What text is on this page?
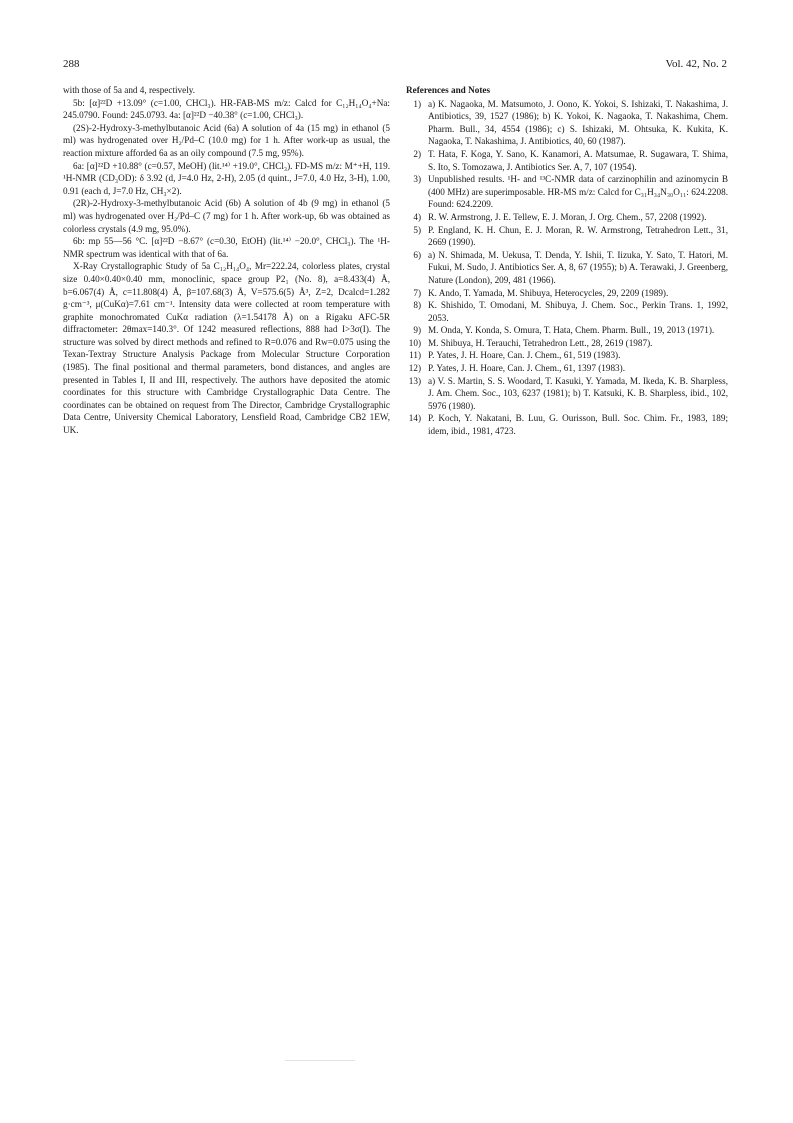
288	Vol. 42, No. 2

with those of 5a and 4, respectively.

5b: [α]²²D +13.09° (c=1.00, CHCl₃). HR-FAB-MS m/z: Calcd for C₁₂H₁₄O₄+Na: 245.0790. Found: 245.0793. 4a: [α]²²D −40.38° (c=1.00, CHCl₃).

(2S)-2-Hydroxy-3-methylbutanoic Acid (6a) A solution of 4a (15 mg) in ethanol (5 ml) was hydrogenated over H₂/Pd–C (10.0 mg) for 1 h. After work-up as usual, the reaction mixture afforded 6a as an oily compound (7.5 mg, 95%).

6a: [α]²²D +10.88° (c=0.57, MeOH) (lit.¹⁴⁾ +19.0°, CHCl₃). FD-MS m/z: M⁺+H, 119. ¹H-NMR (CD₃OD): δ 3.92 (d, J=4.0 Hz, 2-H), 2.05 (d quint., J=7.0, 4.0 Hz, 3-H), 1.00, 0.91 (each d, J=7.0 Hz, CH₃×2).

(2R)-2-Hydroxy-3-methylbutanoic Acid (6b) A solution of 4b (9 mg) in ethanol (5 ml) was hydrogenated over H₂/Pd–C (7 mg) for 1 h. After work-up, 6b was obtained as colorless crystals (4.9 mg, 95.0%).

6b: mp 55—56 °C. [α]²²D −8.67° (c=0.30, EtOH) (lit.¹⁴⁾ −20.0°, CHCl₃). The ¹H-NMR spectrum was identical with that of 6a.

X-Ray Crystallographic Study of 5a C₁₂H₁₄O₄, Mr=222.24, colorless plates, crystal size 0.40×0.40×0.40 mm, monoclinic, space group P2₁ (No. 8), a=8.433(4) Å, b=6.067(4) Å, c=11.808(4) Å, β=107.68(3) Å, V=575.6(5) Å³, Z=2, Dcalcd=1.282 g·cm⁻³, μ(CuKα)=7.61 cm⁻¹. Intensity data were collected at room temperature with graphite monochromated CuKα radiation (λ=1.54178 Å) on a Rigaku AFC-5R diffractometer: 2θmax=140.3°. Of 1242 measured reflections, 888 had I>3σ(I). The structure was solved by direct methods and refined to R=0.076 and Rw=0.075 using the Texan-Textray Structure Analysis Package from Molecular Structure Corporation (1985). The final positional and thermal parameters, bond distances, and angles are presented in Tables I, II and III, respectively. The authors have deposited the atomic coordinates for this structure with Cambridge Crystallographic Data Centre. The coordinates can be obtained on request from The Director, Cambridge Crystallographic Data Centre, University Chemical Laboratory, Lensfield Road, Cambridge CB2 1EW, UK.

References and Notes
1) a) K. Nagaoka, M. Matsumoto, J. Oono, K. Yokoi, S. Ishizaki, T. Nakashima, J. Antibiotics, 39, 1527 (1986); b) K. Yokoi, K. Nagaoka, T. Nakashima, Chem. Pharm. Bull., 34, 4554 (1986); c) S. Ishizaki, M. Ohtsuka, K. Kukita, K. Nagaoka, T. Nakashima, J. Antibiotics, 40, 60 (1987).
2) T. Hata, F. Koga, Y. Sano, K. Kanamori, A. Matsumae, R. Sugawara, T. Shima, S. Ito, S. Tomozawa, J. Antibiotics Ser. A, 7, 107 (1954).
3) Unpublished results. ¹H- and ¹³C-NMR data of carzinophilin and azinomycin B (400 MHz) are superimposable. HR-MS m/z: Calcd for C₃₁H₃₄N₃₀O₁₁: 624.2208. Found: 624.2209.
4) R. W. Armstrong, J. E. Tellew, E. J. Moran, J. Org. Chem., 57, 2208 (1992).
5) P. England, K. H. Chun, E. J. Moran, R. W. Armstrong, Tetrahedron Lett., 31, 2669 (1990).
6) a) N. Shimada, M. Uekusa, T. Denda, Y. Ishii, T. Iizuka, Y. Sato, T. Hatori, M. Fukui, M. Sudo, J. Antibiotics Ser. A, 8, 67 (1955); b) A. Terawaki, J. Greenberg, Nature (London), 209, 481 (1966).
7) K. Ando, T. Yamada, M. Shibuya, Heterocycles, 29, 2209 (1989).
8) K. Shishido, T. Omodani, M. Shibuya, J. Chem. Soc., Perkin Trans. 1, 1992, 2053.
9) M. Onda, Y. Konda, S. Omura, T. Hata, Chem. Pharm. Bull., 19, 2013 (1971).
10) M. Shibuya, H. Terauchi, Tetrahedron Lett., 28, 2619 (1987).
11) P. Yates, J. H. Hoare, Can. J. Chem., 61, 519 (1983).
12) P. Yates, J. H. Hoare, Can. J. Chem., 61, 1397 (1983).
13) a) V. S. Martin, S. S. Woodard, T. Kasuki, Y. Yamada, M. Ikeda, K. B. Sharpless, J. Am. Chem. Soc., 103, 6237 (1981); b) T. Katsuki, K. B. Sharpless, ibid., 102, 5976 (1980).
14) P. Koch, Y. Nakatani, B. Luu, G. Ourisson, Bull. Soc. Chim. Fr., 1983, 189; idem, ibid., 1981, 4723.
